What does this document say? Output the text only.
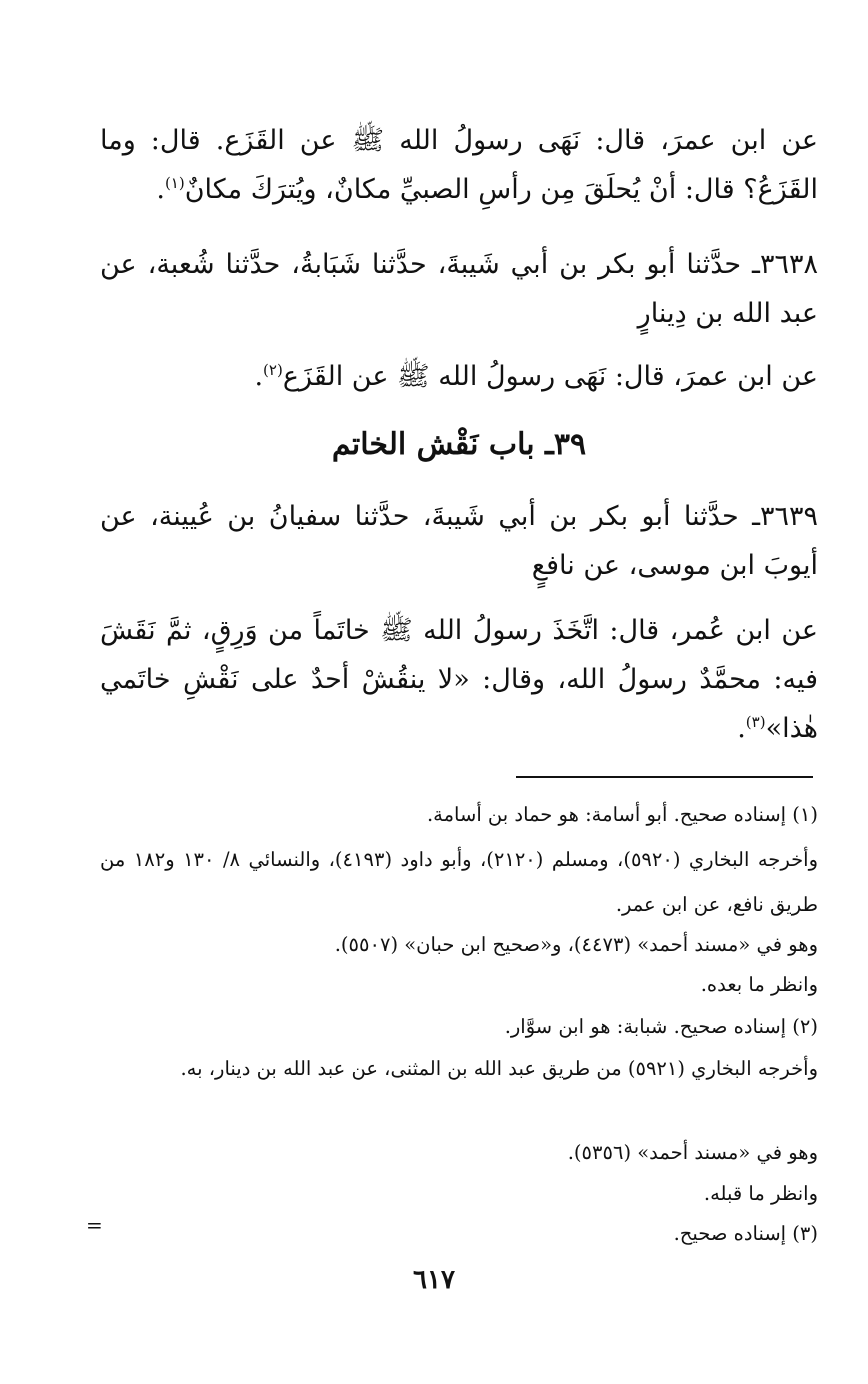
عن ابن عمرَ، قال: نَهَى رسولُ الله ﷺ عن القَزَع. قال: وما القَزَعُ؟ قال: أنْ يُحلَقَ مِن رأسِ الصبيِّ مكانٌ، ويُترَكَ مكانٌ$^{(١)}$.

٣٦٣٨ـ حدَّثنا أبو بكر بن أبي شَيبةَ، حدَّثنا شَبَابةُ، حدَّثنا شُعبة، عن عبد الله بن دِينارٍ

عن ابن عمرَ، قال: نَهَى رسولُ الله ﷺ عن القَزَع$^{(٢)}$.

٣٩ـ باب نَقْش الخاتم

٣٦٣٩ـ حدَّثنا أبو بكر بن أبي شَيبةَ، حدَّثنا سفيانُ بن عُيينة، عن أيوبَ ابن موسى، عن نافعٍ

عن ابن عُمر، قال: اتَّخَذَ رسولُ الله ﷺ خاتَماً من وَرِقٍ، ثمَّ نَقَشَ فيه: محمَّدٌ رسولُ الله، وقال: «لا ينقُشْ أحدٌ على نَقْشِ خاتَمي هٰذا»$^{(٣)}$.

(١) إسناده صحيح. أبو أسامة: هو حماد بن أسامة.

وأخرجه البخاري (٥٩٢٠)، ومسلم (٢١٢٠)، وأبو داود (٤١٩٣)، والنسائي ٨/ ١٣٠ و١٨٢ من طريق نافع، عن ابن عمر.

وهو في «مسند أحمد» (٤٤٧٣)، و«صحيح ابن حبان» (٥٥٠٧).

وانظر ما بعده.

(٢) إسناده صحيح. شبابة: هو ابن سوَّار.

وأخرجه البخاري (٥٩٢١) من طريق عبد الله بن المثنى، عن عبد الله بن دينار، به.

وهو في «مسند أحمد» (٥٣٥٦).

وانظر ما قبله.

(٣) إسناده صحيح.

=
٦١٧
